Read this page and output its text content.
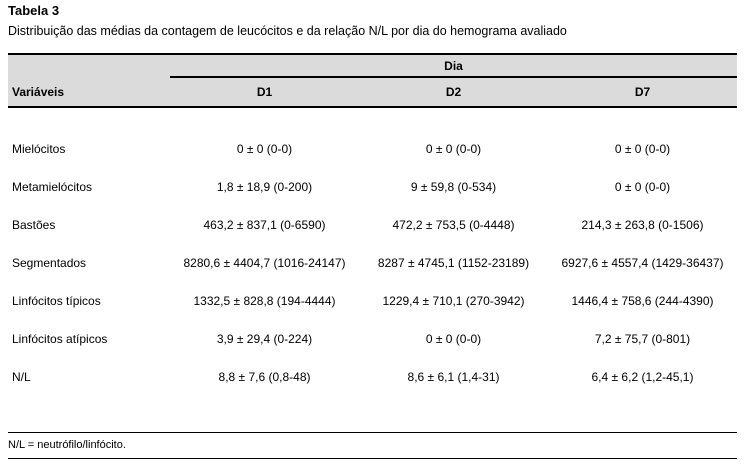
Tabela 3
Distribuição das médias da contagem de leucócitos e da relação N/L por dia do hemograma avaliado
Dia
Variáveis	D1	D2	D7
Mielócitos	0 ± 0 (0-0)	0 ± 0 (0-0)	0 ± 0 (0-0)
Metamielócitos	1,8 ± 18,9 (0-200)	9 ± 59,8 (0-534)	0 ± 0 (0-0)
Bastões	463,2 ± 837,1 (0-6590)	472,2 ± 753,5 (0-4448)	214,3 ± 263,8 (0-1506)
Segmentados	8280,6 ± 4404,7 (1016-24147)	8287 ± 4745,1 (1152-23189)	6927,6 ± 4557,4 (1429-36437)
Linfócitos típicos	1332,5 ± 828,8 (194-4444)	1229,4 ± 710,1 (270-3942)	1446,4 ± 758,6 (244-4390)
Linfócitos atípicos	3,9 ± 29,4 (0-224)	0 ± 0 (0-0)	7,2 ± 75,7 (0-801)
N/L	8,8 ± 7,6 (0,8-48)	8,6 ± 6,1 (1,4-31)	6,4 ± 6,2 (1,2-45,1)
N/L = neutrófilo/linfócito.
